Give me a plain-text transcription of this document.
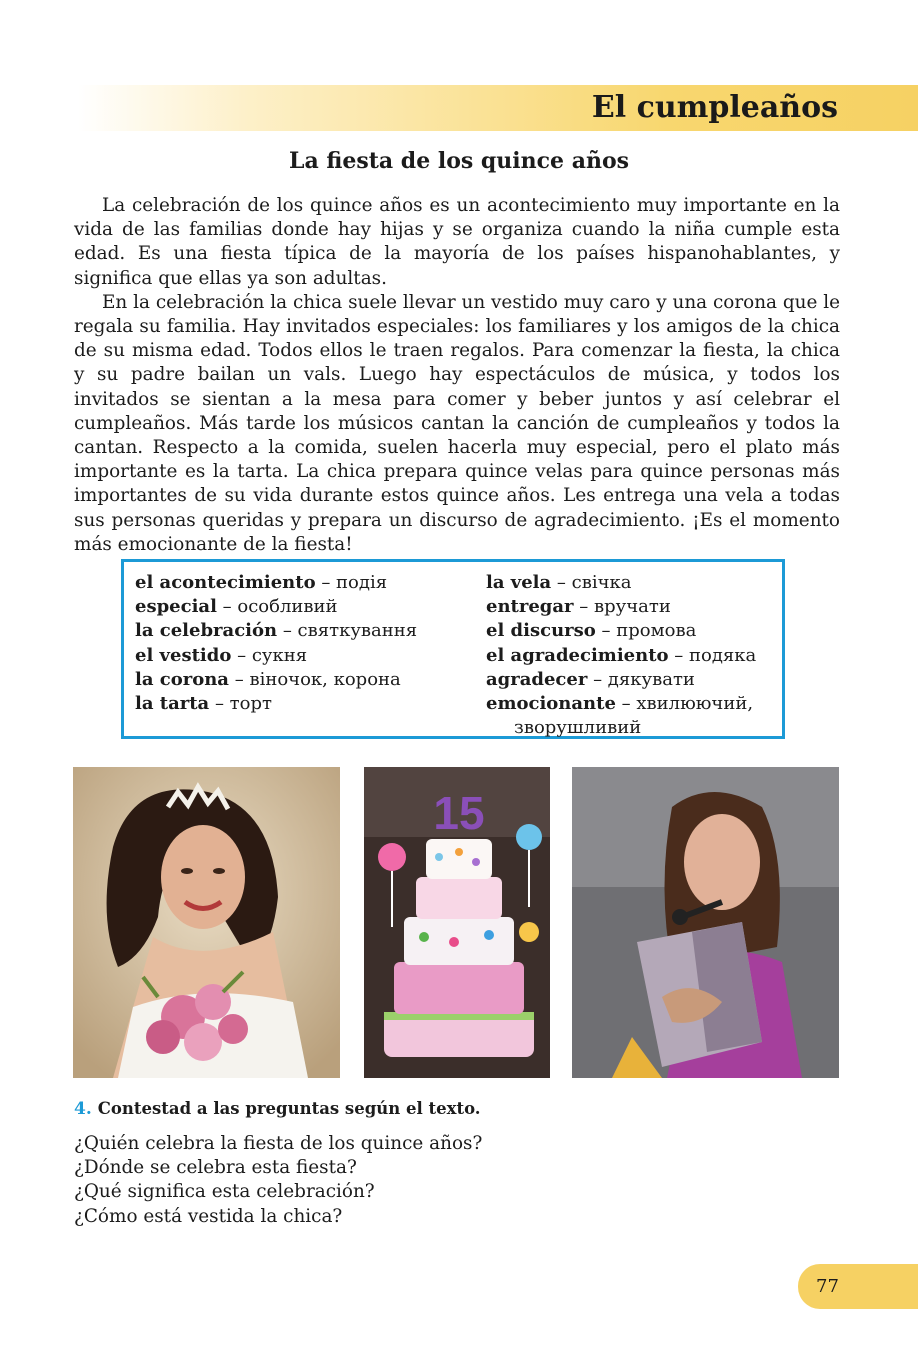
El cumpleaños
La fiesta de los quince años

La celebración de los quince años es un acontecimiento muy importante en la vida de las familias donde hay hijas y se organiza cuando la niña cumple esta edad. Es una fiesta típica de la mayoría de los países hispanohablantes, y significa que ellas ya son adultas.

En la celebración la chica suele llevar un vestido muy caro y una corona que le regala su familia. Hay invitados especiales: los familiares y los amigos de la chica de su misma edad. Todos ellos le traen regalos. Para comenzar la fiesta, la chica y su padre bailan un vals. Luego hay espectáculos de música, y todos los invitados se sientan a la mesa para comer y beber juntos y así celebrar el cumpleaños. Más tarde los músicos cantan la canción de cumpleaños y todos la cantan. Respecto a la comida, suelen hacerla muy especial, pero el plato más importante es la tarta. La chica prepara quince velas para quince personas más importantes de su vida durante estos quince años. Les entrega una vela a todas sus personas queridas y prepara un discurso de agradecimiento. ¡Es el momento más emocionante de la fiesta!

el acontecimiento – подія
especial – особливий
la celebración – святкування
el vestido – сукня
la corona – віночок, корона
la tarta – торт
la vela – свічка
entregar – вручати
el discurso – промова
el agradecimiento – подяка
agradecer – дякувати
emocionante – хвилюючий,
зворушливий
15
4. Contestad a las preguntas según el texto.
¿Quién celebra la fiesta de los quince años?
¿Dónde se celebra esta fiesta?
¿Qué significa esta celebración?
¿Cómo está vestida la chica?
77
